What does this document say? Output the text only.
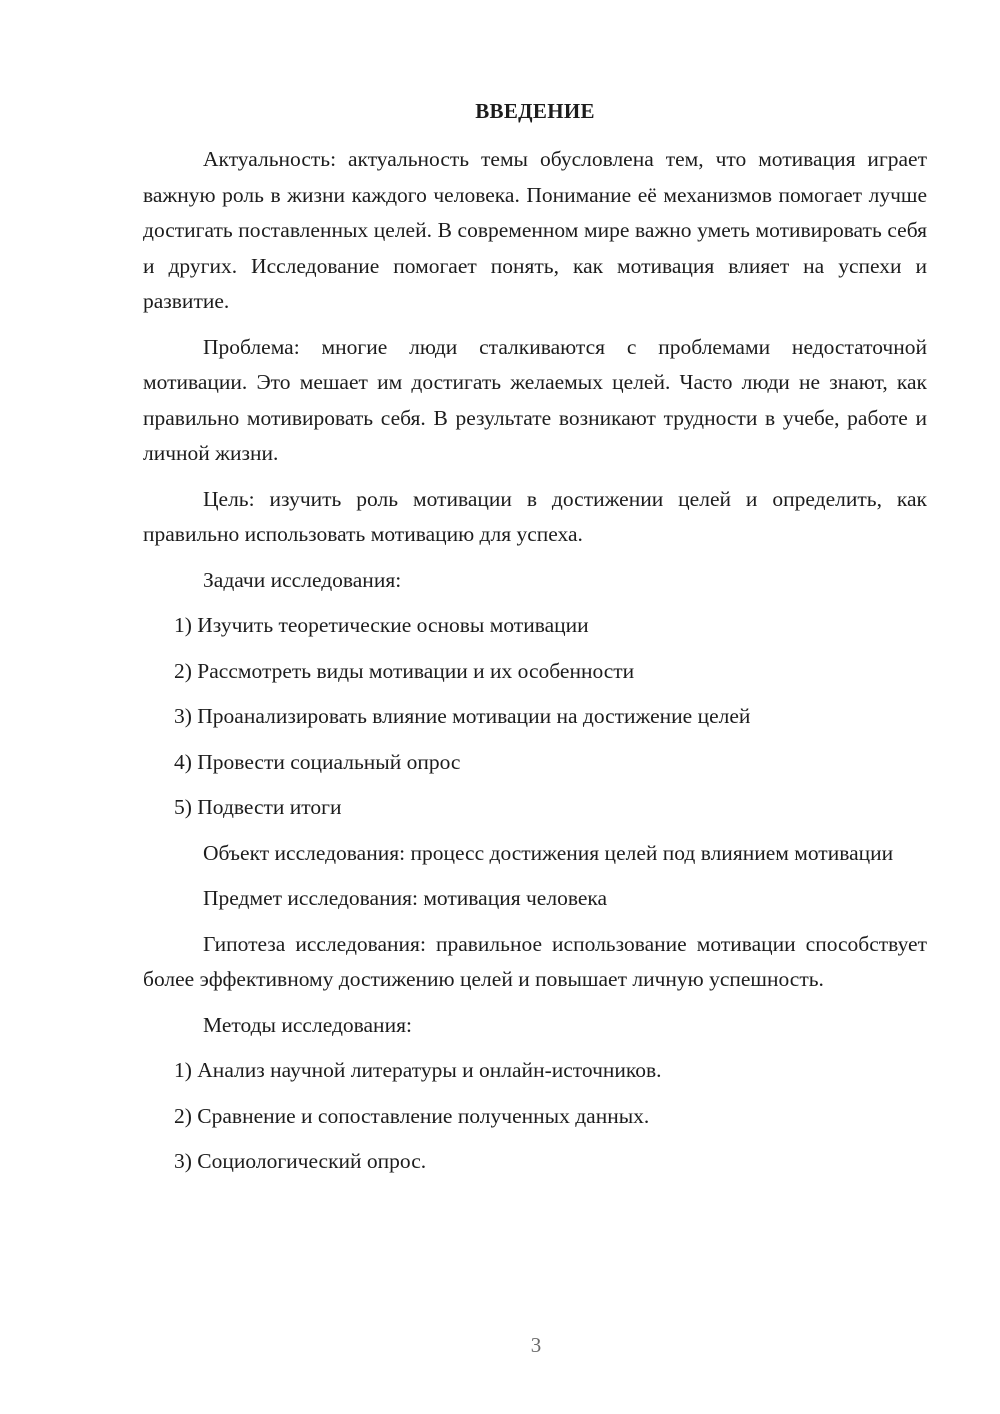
ВВЕДЕНИЕ

Актуальность: актуальность темы обусловлена тем, что мотивация играет важную роль в жизни каждого человека. Понимание её механизмов помогает лучше достигать поставленных целей. В современном мире важно уметь мотивировать себя и других. Исследование помогает понять, как мотивация влияет на успехи и развитие.

Проблема: многие люди сталкиваются с проблемами недостаточной мотивации. Это мешает им достигать желаемых целей. Часто люди не знают, как правильно мотивировать себя. В результате возникают трудности в учебе, работе и личной жизни.

Цель: изучить роль мотивации в достижении целей и определить, как правильно использовать мотивацию для успеха.

Задачи исследования:

1) Изучить теоретические основы мотивации

2) Рассмотреть виды мотивации и их особенности

3) Проанализировать влияние мотивации на достижение целей

4) Провести социальный опрос

5) Подвести итоги

Объект исследования: процесс достижения целей под влиянием мотивации

Предмет исследования: мотивация человека

Гипотеза исследования: правильное использование мотивации способствует более эффективному достижению целей и повышает личную успешность.

Методы исследования:

1) Анализ научной литературы и онлайн-источников.

2) Сравнение и сопоставление полученных данных.

3) Социологический опрос.

3
